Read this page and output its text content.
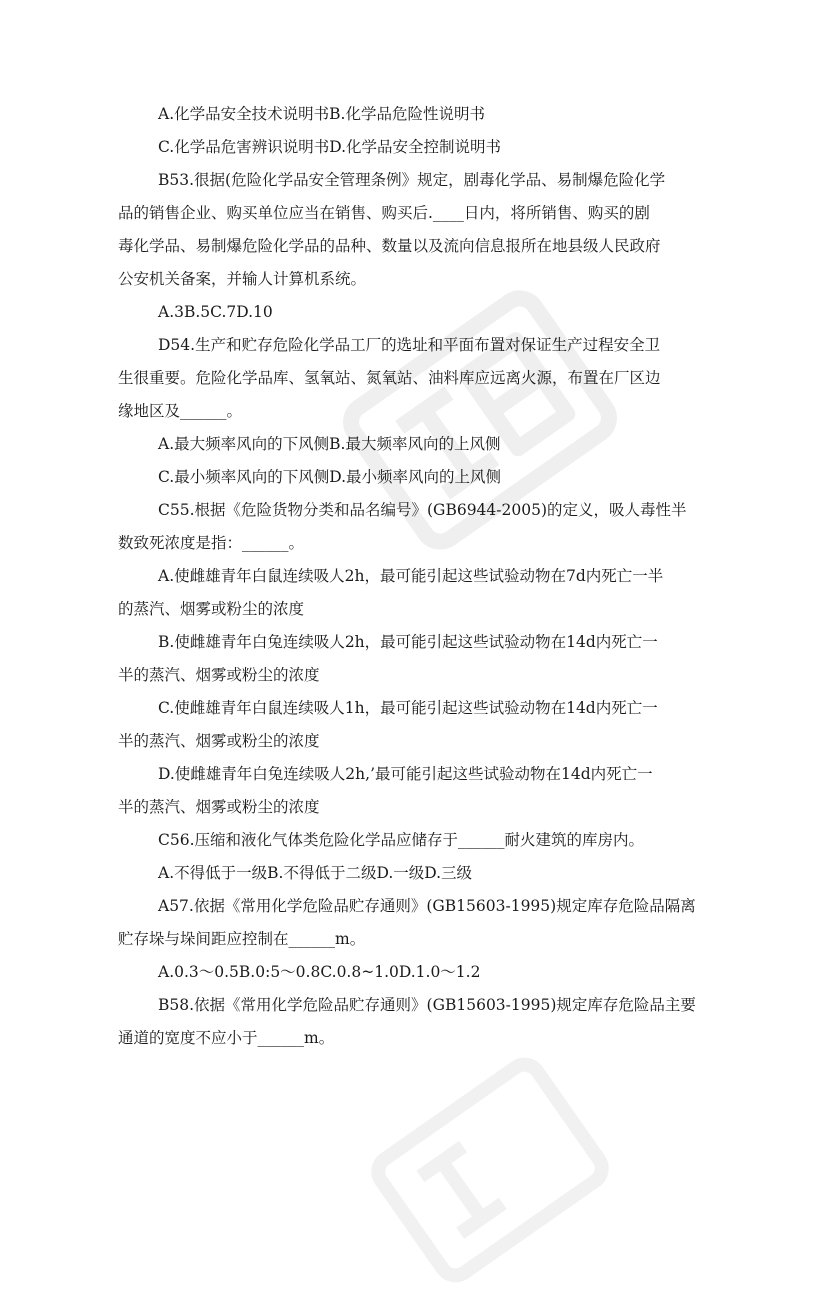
A.化学品安全技术说明书B.化学品危险性说明书
C.化学品危害辨识说明书D.化学品安全控制说明书
B53.很据(危险化学品安全管理条例》规定，剧毒化学品、易制爆危险化学
品的销售企业、购买单位应当在销售、购买后.____日内，将所销售、购买的剧
毒化学品、易制爆危险化学品的品种、数量以及流向信息报所在地县级人民政府
公安机关备案，并输人计算机系统。
A.3B.5C.7D.10
D54.生产和贮存危险化学品工厂的选址和平面布置对保证生产过程安全卫
生很重要。危险化学品库、氢氧站、氮氧站、油料库应远离火源，布置在厂区边
缘地区及______。
A.最大频率风向的下风侧B.最大频率风向的上风侧
C.最小频率风向的下风侧D.最小频率风向的上风侧
C55.根据《危险货物分类和品名编号》(GB6944-2005)的定义，吸人毒性半
数致死浓度是指：______。
A.使雌雄青年白鼠连续吸人2h，最可能引起这些试验动物在7d内死亡一半
的蒸汽、烟雾或粉尘的浓度
B.使雌雄青年白兔连续吸人2h，最可能引起这些试验动物在14d内死亡一
半的蒸汽、烟雾或粉尘的浓度
C.使雌雄青年白鼠连续吸人1h，最可能引起这些试验动物在14d内死亡一
半的蒸汽、烟雾或粉尘的浓度
D.使雌雄青年白兔连续吸人2h,’最可能引起这些试验动物在14d内死亡一
半的蒸汽、烟雾或粉尘的浓度
C56.压缩和液化气体类危险化学品应储存于______耐火建筑的库房内。
A.不得低于一级B.不得低于二级D.一级D.三级
A57.依据《常用化学危险品贮存通则》(GB15603-1995)规定库存危险品隔离
贮存垛与垛间距应控制在______m。
A.0.3～0.5B.0:5～0.8C.0.8~1.0D.1.0～1.2
B58.依据《常用化学危险品贮存通则》(GB15603-1995)规定库存危险品主要
通道的宽度不应小于______m。
